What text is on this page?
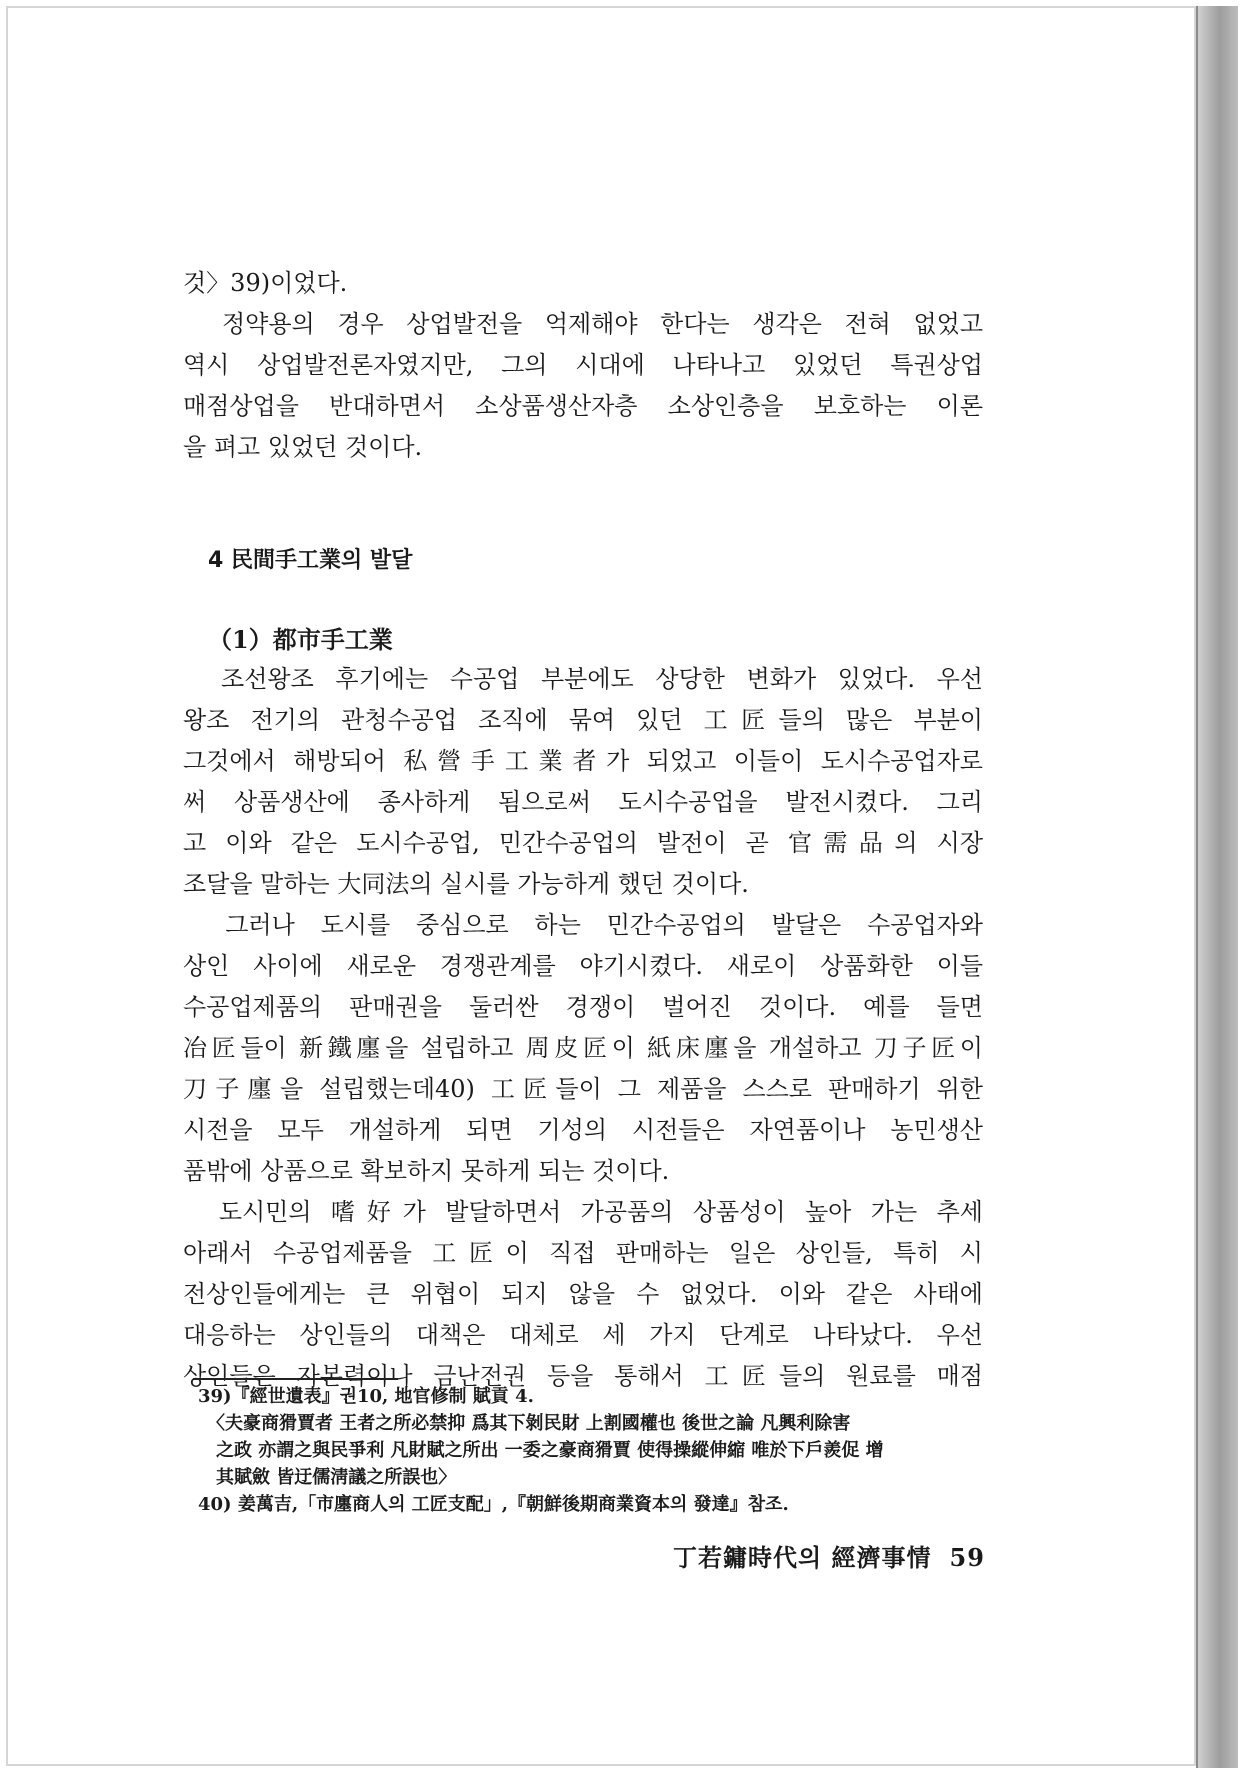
것〉39)이었다.
　정약용의 경우 상업발전을 억제해야 한다는 생각은 전혀 없었고
역시 상업발전론자였지만, 그의 시대에 나타나고 있었던 특권상업
매점상업을 반대하면서 소상품생산자층 소상인층을 보호하는 이론
을 펴고 있었던 것이다.
4 民間手工業의 발달
（1）都市手工業
　조선왕조 후기에는 수공업 부분에도 상당한 변화가 있었다. 우선
왕조 전기의 관청수공업 조직에 묶여 있던 工匠들의 많은 부분이
그것에서 해방되어 私營手工業者가 되었고 이들이 도시수공업자로
써 상품생산에 종사하게 됨으로써 도시수공업을 발전시켰다. 그리
고 이와 같은 도시수공업, 민간수공업의 발전이 곧 官需品의 시장
조달을 말하는 大同法의 실시를 가능하게 했던 것이다.
　그러나 도시를 중심으로 하는 민간수공업의 발달은 수공업자와
상인 사이에 새로운 경쟁관계를 야기시켰다. 새로이 상품화한 이들
수공업제품의 판매권을 둘러싼 경쟁이 벌어진 것이다. 예를 들면
冶匠들이 新鐵廛을 설립하고 周皮匠이 紙床廛을 개설하고 刀子匠이
刀子廛을 설립했는데40) 工匠들이 그 제품을 스스로 판매하기 위한
시전을 모두 개설하게 되면 기성의 시전들은 자연품이나 농민생산
품밖에 상품으로 확보하지 못하게 되는 것이다.
　도시민의 嗜好가 발달하면서 가공품의 상품성이 높아 가는 추세
아래서 수공업제품을 工匠이 직접 판매하는 일은 상인들, 특히 시
전상인들에게는 큰 위협이 되지 않을 수 없었다. 이와 같은 사태에
대응하는 상인들의 대책은 대체로 세 가지 단계로 나타났다. 우선
상인들은 자본력이나 금난전권 등을 통해서 工匠들의 원료를 매점
39)『經世遺表』권10, 地官修制 賦貢 4.
　〈夫豪商猾賈者 王者之所必禁抑 爲其下剝民財 上割國權也 後世之論 凡興利除害
　之政 亦謂之與民爭利 凡財賦之所出 一委之豪商猾賈 使得操縱伸縮 唯於下戶羨促 增
　其賦斂 皆迂儒淸議之所誤也〉
40) 姜萬吉,「市廛商人의 工匠支配」,『朝鮮後期商業資本의 發達』참조.
丁若鏞時代의 經濟事情 59
